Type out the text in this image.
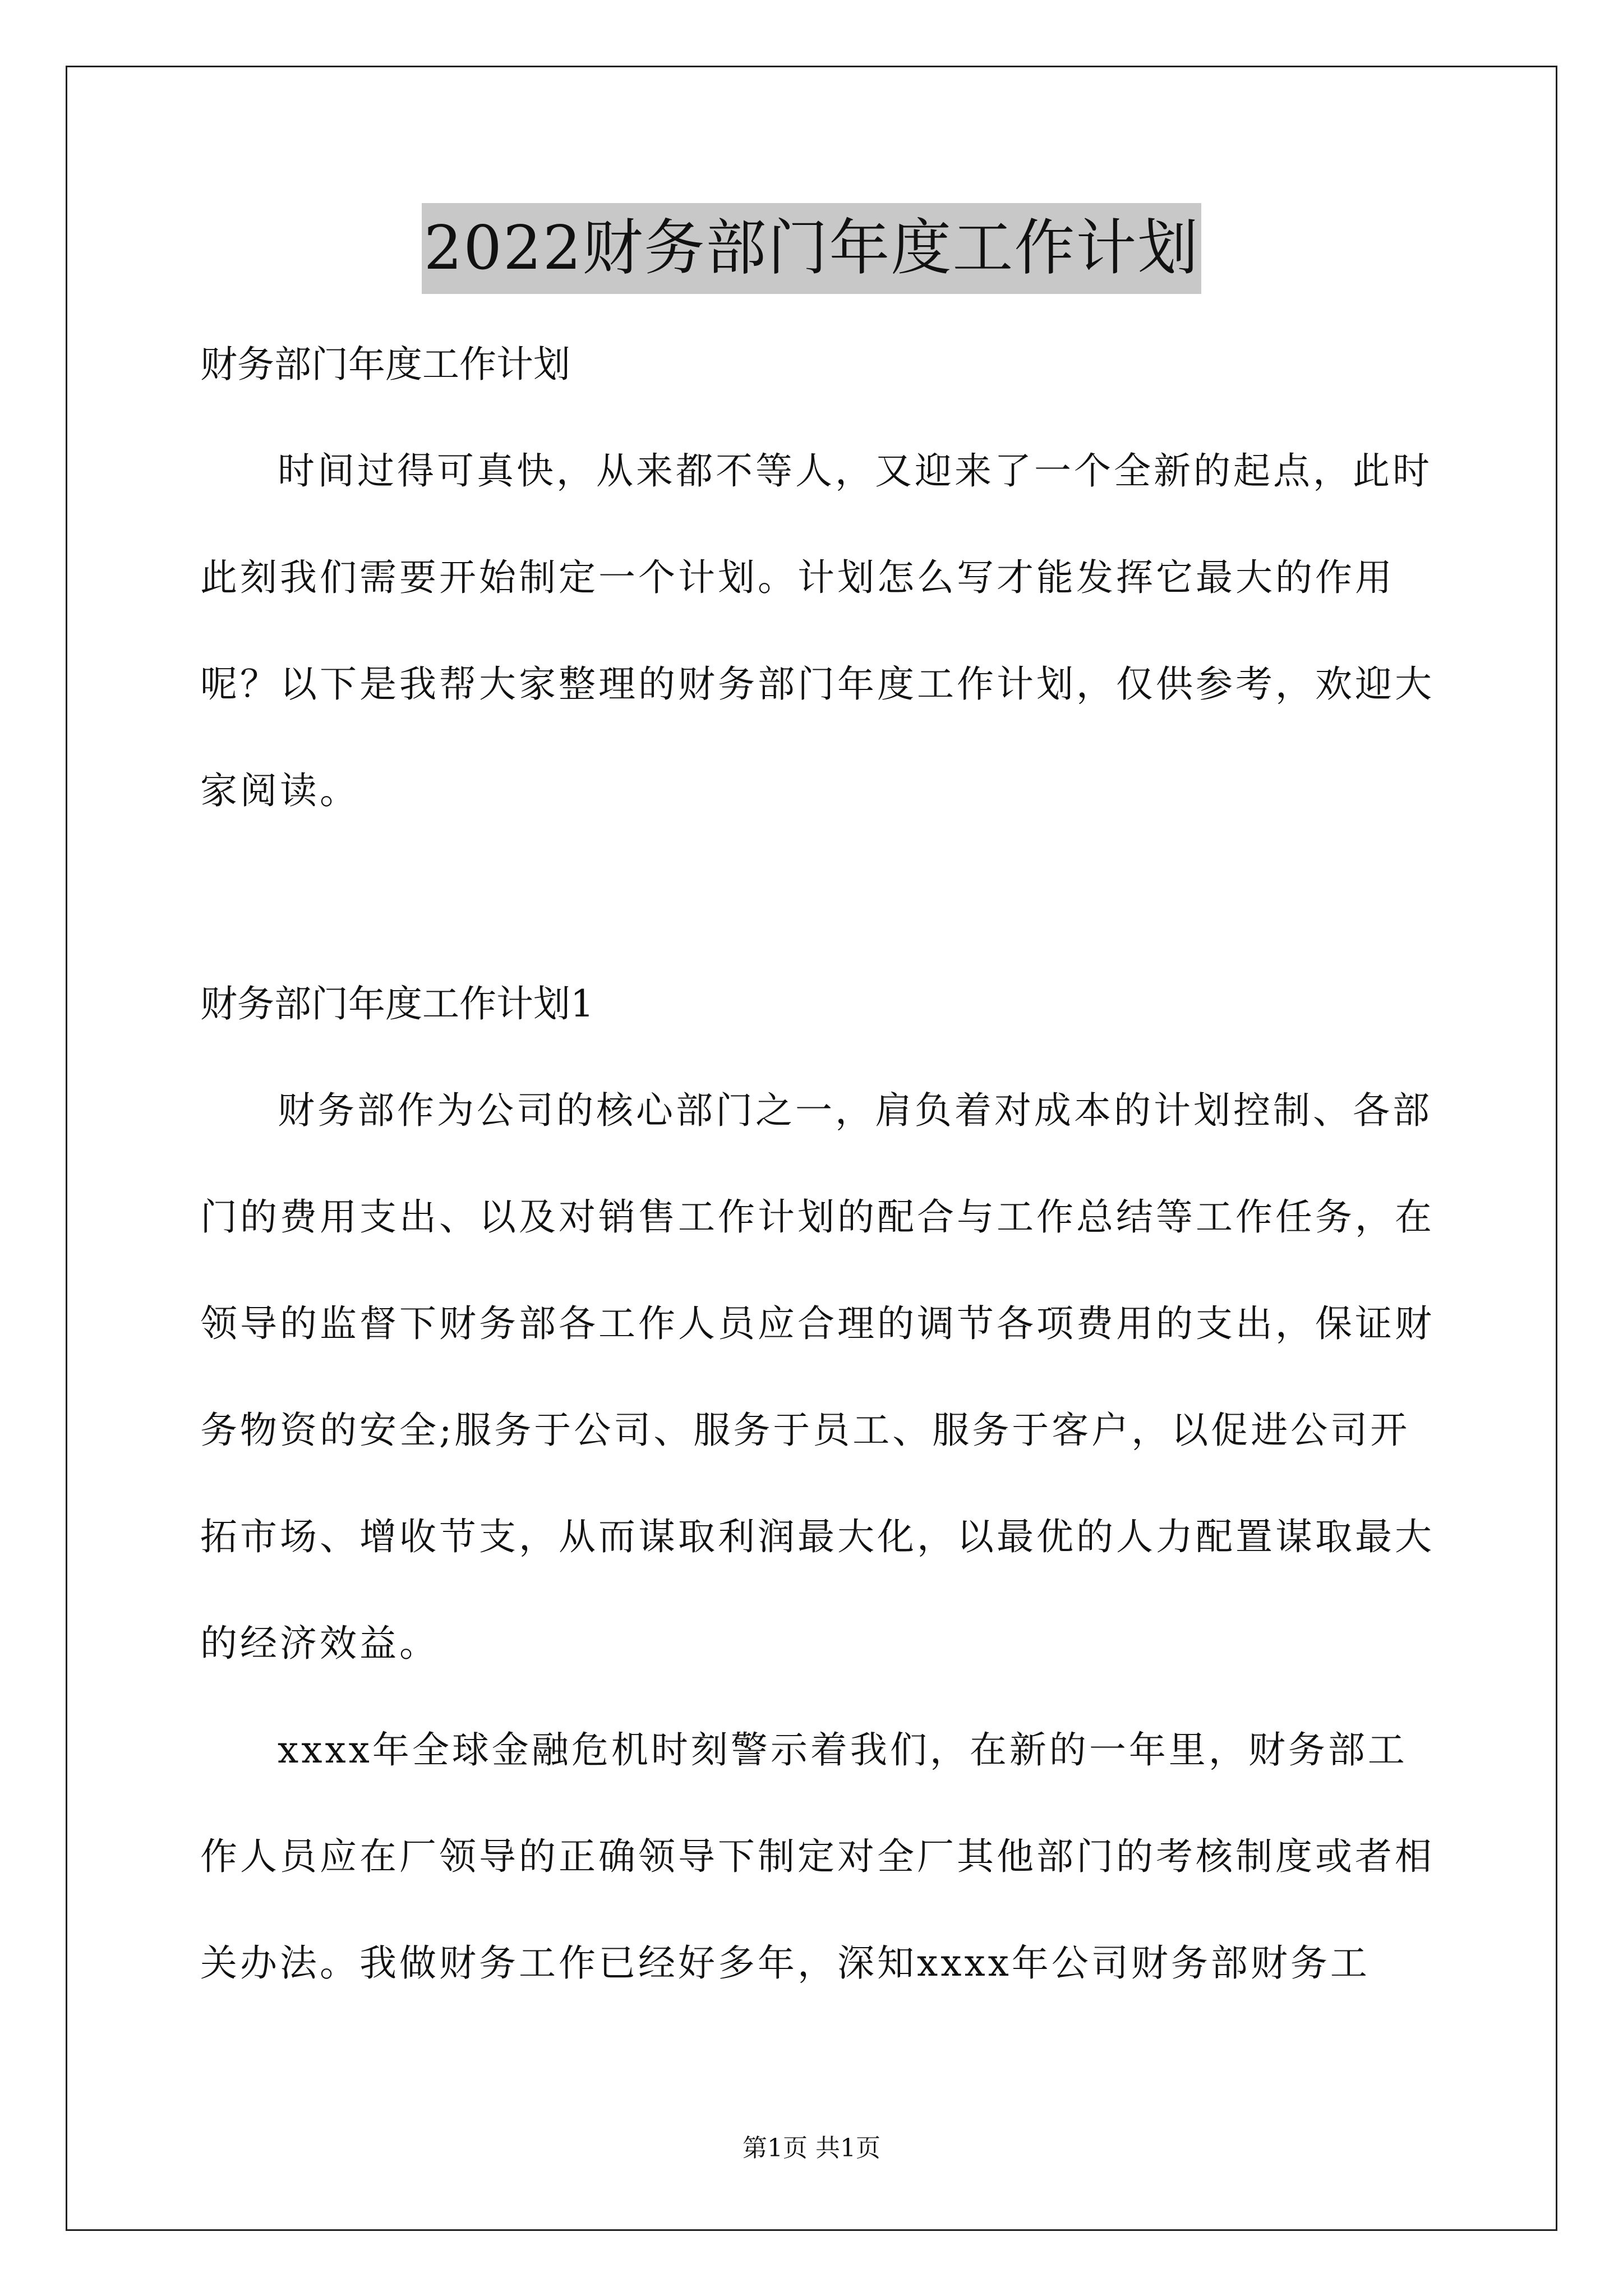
2022财务部门年度工作计划

财务部门年度工作计划

时间过得可真快，从来都不等人，又迎来了一个全新的起点，此时此刻我们需要开始制定一个计划。计划怎么写才能发挥它最大的作用呢？以下是我帮大家整理的财务部门年度工作计划，仅供参考，欢迎大家阅读。

财务部门年度工作计划1

财务部作为公司的核心部门之一，肩负着对成本的计划控制、各部门的费用支出、以及对销售工作计划的配合与工作总结等工作任务，在领导的监督下财务部各工作人员应合理的调节各项费用的支出，保证财务物资的安全;服务于公司、服务于员工、服务于客户，以促进公司开拓市场、增收节支，从而谋取利润最大化，以最优的人力配置谋取最大的经济效益。

xxxx年全球金融危机时刻警示着我们，在新的一年里，财务部工作人员应在厂领导的正确领导下制定对全厂其他部门的考核制度或者相关办法。我做财务工作已经好多年，深知xxxx年公司财务部财务工

第1页 共1页
